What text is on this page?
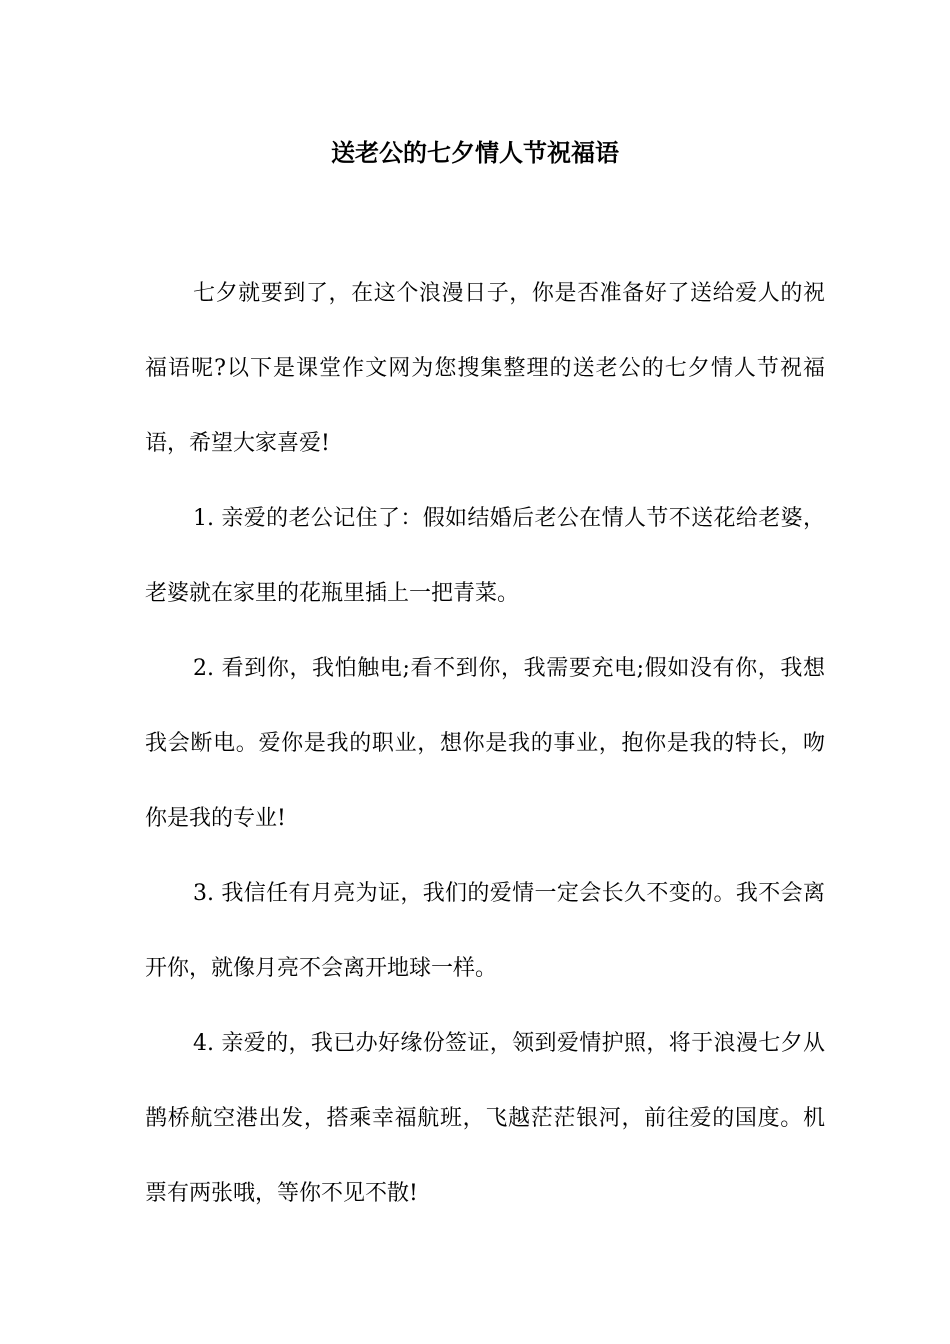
送老公的七夕情人节祝福语

七夕就要到了，在这个浪漫日子，你是否准备好了送给爱人的祝福语呢?以下是课堂作文网为您搜集整理的送老公的七夕情人节祝福语，希望大家喜爱!

1. 亲爱的老公记住了：假如结婚后老公在情人节不送花给老婆，老婆就在家里的花瓶里插上一把青菜。

2. 看到你，我怕触电;看不到你，我需要充电;假如没有你，我想我会断电。爱你是我的职业，想你是我的事业，抱你是我的特长，吻你是我的专业!

3. 我信任有月亮为证，我们的爱情一定会长久不变的。我不会离开你，就像月亮不会离开地球一样。

4. 亲爱的，我已办好缘份签证，领到爱情护照，将于浪漫七夕从鹊桥航空港出发，搭乘幸福航班，飞越茫茫银河，前往爱的国度。机票有两张哦，等你不见不散!
